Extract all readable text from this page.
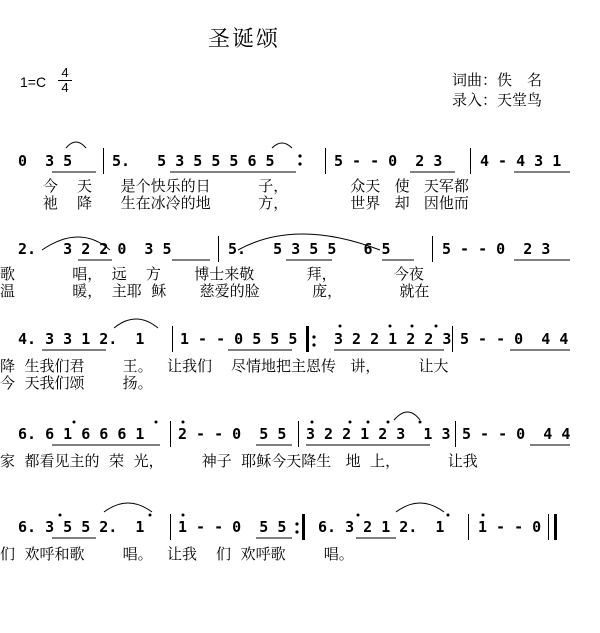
圣诞颂
$1=C \frac{4}{4}$	词曲：佚　名
录入：天堂鸟
0  3 5	5.   5 3 5 5 5 6 5	5 - - 0  2 3	4 - 4 3 1
今    天      是个快乐的日          子，             众天   使   天军都
祂    降      生在冰冷的地          方，             世界   却   因他而
2.   3 2 2 0  3 5	5.   5 3 5 5   6 5	5 - - 0  2 3
歌            唱，  远    方       博士来敬           拜，            今夜
温            暖，  主耶  稣       慈爱的脸           庞，            就在
4. 3 3 1 2.  1 1 - - 0 5 5 5 3 2 2 1 2 2 3 5 - - 0  4 4
降  生我们君        王。   让我们    尽情地把主恩传   讲，        让大
今  天我们颂        扬。
6. 6 1 6 6 6 1 2 - - 0  5 5 3 2 2 1 2 3  1 3 5 - - 0  4 4
家  都看见主的  荣  光，        神子  耶稣今天降生   地  上，          让我
6. 3 5 5 2.  1 1 - - 0  5 5 6. 3 2 1 2.  1 1 - - 0
们  欢呼和歌        唱。   让我    们  欢呼歌        唱。
